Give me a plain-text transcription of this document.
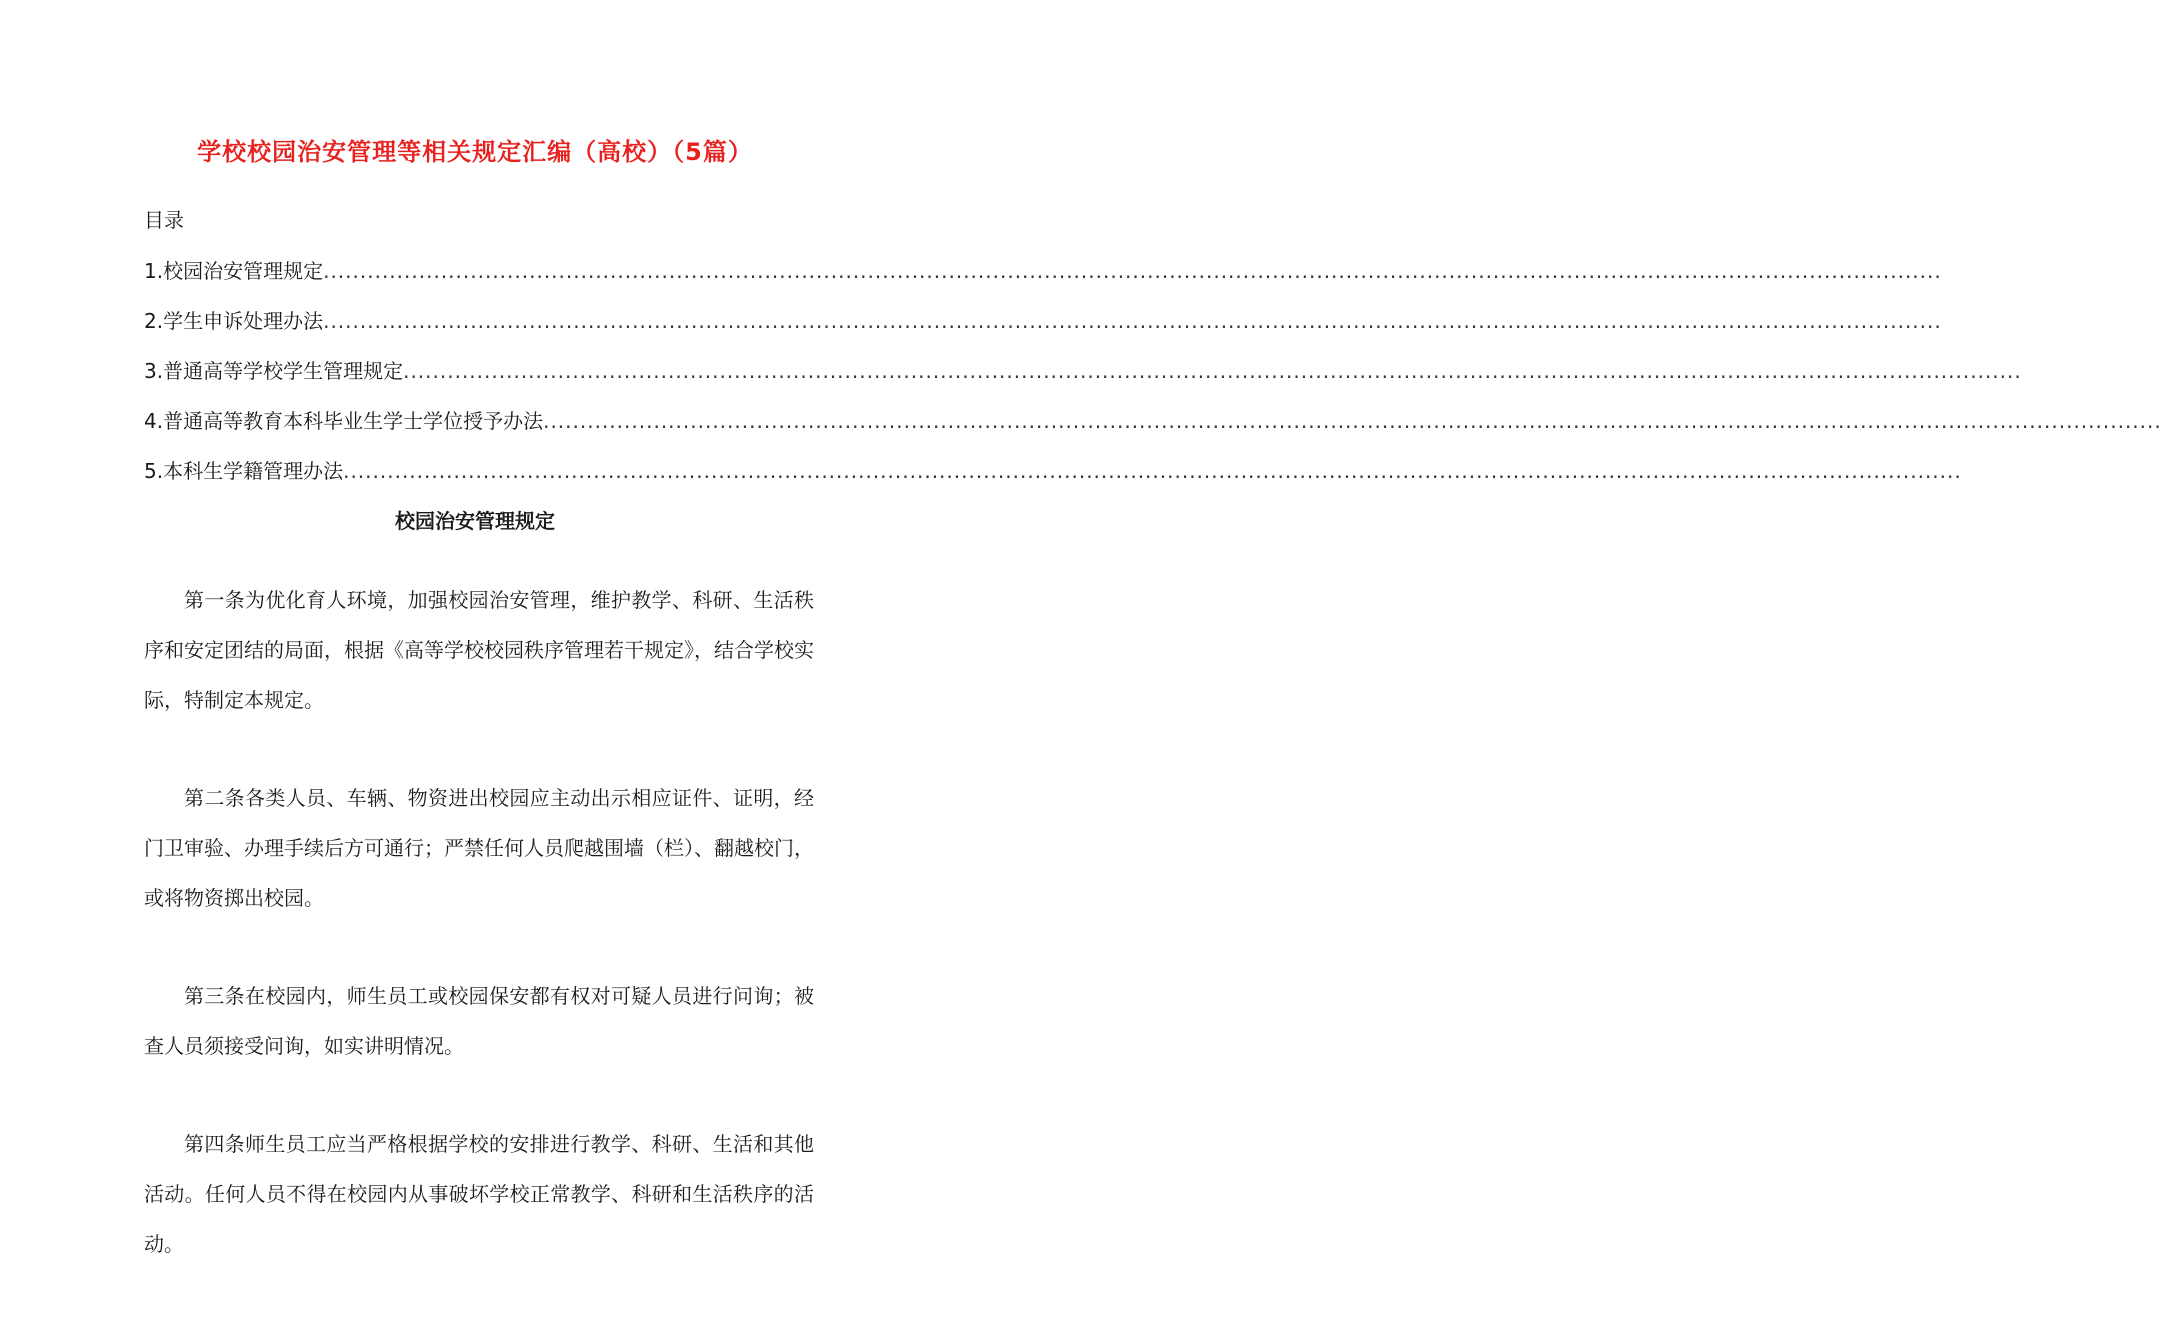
学校校园治安管理等相关规定汇编（高校）（5篇）
目录
1.校园治安管理规定 ............................................................................................................................................................................................................................
2.学生申诉处理办法 ............................................................................................................................................................................................................................
3.普通高等学校学生管理规定 ............................................................................................................................................................................................................................
4.普通高等教育本科毕业生学士学位授予办法 ............................................................................................................................................................................................................................
5.本科生学籍管理办法 ............................................................................................................................................................................................................................
校园治安管理规定

第一条为优化育人环境，加强校园治安管理，维护教学、科研、生活秩序和安定团结的局面，根据《高等学校校园秩序管理若干规定》，结合学校实际，特制定本规定。

第二条各类人员、车辆、物资进出校园应主动出示相应证件、证明，经门卫审验、办理手续后方可通行；严禁任何人员爬越围墙（栏）、翻越校门，或将物资掷出校园。

第三条在校园内，师生员工或校园保安都有权对可疑人员进行问询；被查人员须接受问询，如实讲明情况。

第四条师生员工应当严格根据学校的安排进行教学、科研、生活和其他活动。任何人员不得在校园内从事破坏学校正常教学、科研和生活秩序的活动。
